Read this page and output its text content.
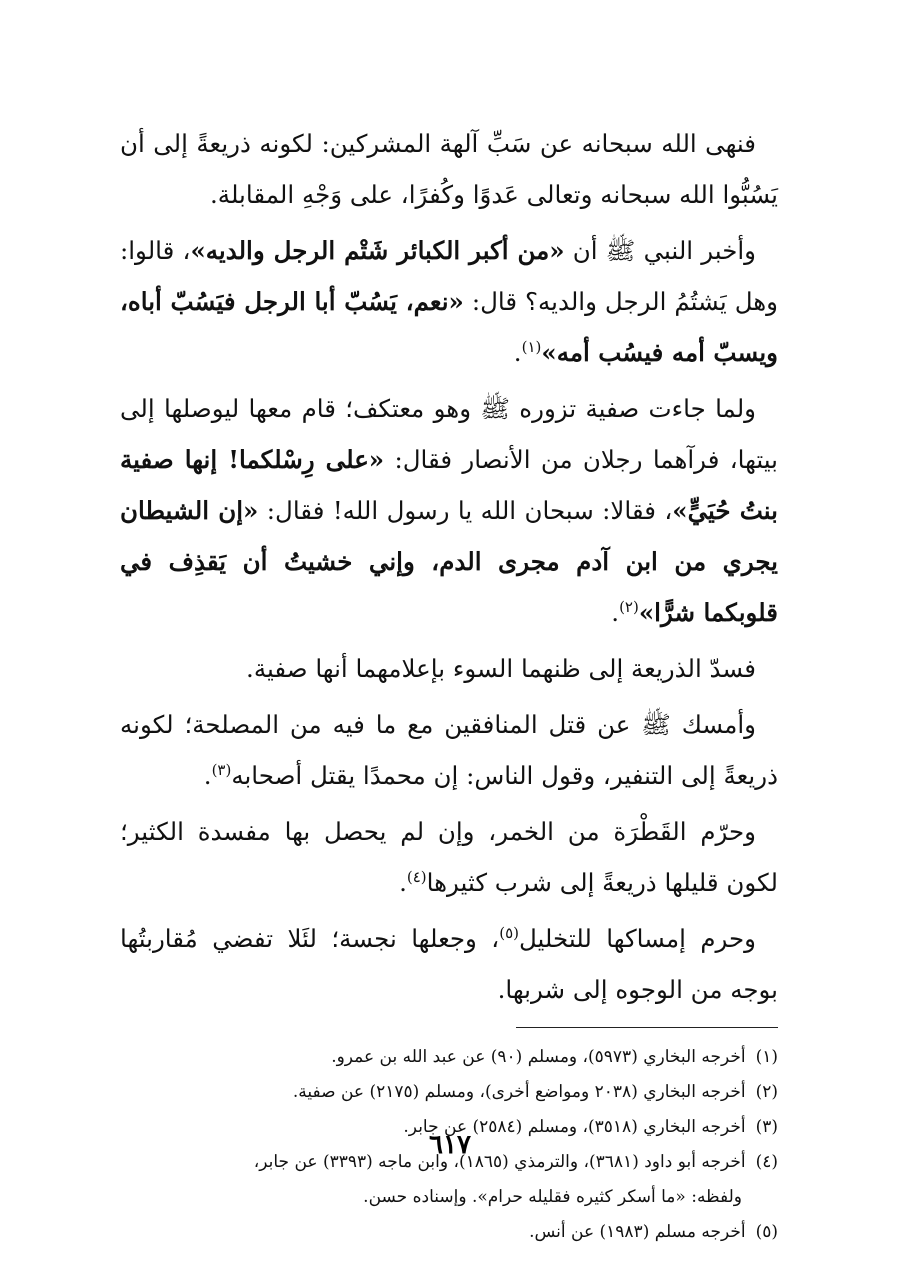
فنهى الله سبحانه عن سَبِّ آلهة المشركين: لكونه ذريعةً إلى أن يَسُبُّوا الله سبحانه وتعالى عَدوًا وكُفرًا، على وَجْهِ المقابلة.

وأخبر النبي ﷺ أن «من أكبر الكبائر شَتْم الرجل والديه»، قالوا: وهل يَشتُمُ الرجل والديه؟ قال: «نعم، يَسُبّ أبا الرجل فيَسُبّ أباه، ويسبّ أمه فيسُب أمه»$^{(١)}$.

ولما جاءت صفية تزوره ﷺ وهو معتكف؛ قام معها ليوصلها إلى بيتها، فرآهما رجلان من الأنصار فقال: «على رِسْلكما! إنها صفية بنتُ حُيَيٍّ»، فقالا: سبحان الله يا رسول الله! فقال: «إن الشيطان يجري من ابن آدم مجرى الدم، وإني خشيتُ أن يَقذِف في قلوبكما شرًّا»$^{(٢)}$.

فسدّ الذريعة إلى ظنهما السوء بإعلامهما أنها صفية.

وأمسك ﷺ عن قتل المنافقين مع ما فيه من المصلحة؛ لكونه ذريعةً إلى التنفير، وقول الناس: إن محمدًا يقتل أصحابه$^{(٣)}$.

وحرّم القَطْرَة من الخمر، وإن لم يحصل بها مفسدة الكثير؛ لكون قليلها ذريعةً إلى شرب كثيرها$^{(٤)}$.

وحرم إمساكها للتخليل$^{(٥)}$، وجعلها نجسة؛ لئَلا تفضي مُقاربتُها بوجه من الوجوه إلى شربها.

(١)أخرجه البخاري (٥٩٧٣)، ومسلم (٩٠) عن عبد الله بن عمرو.

(٢)أخرجه البخاري (٢٠٣٨ ومواضع أخرى)، ومسلم (٢١٧٥) عن صفية.

(٣)أخرجه البخاري (٣٥١٨)، ومسلم (٢٥٨٤) عن جابر.

(٤)أخرجه أبو داود (٣٦٨١)، والترمذي (١٨٦٥)، وابن ماجه (٣٣٩٣) عن جابر،

ولفظه: «ما أسكر كثيره فقليله حرام». وإسناده حسن.

(٥)أخرجه مسلم (١٩٨٣) عن أنس.

٦١٧
